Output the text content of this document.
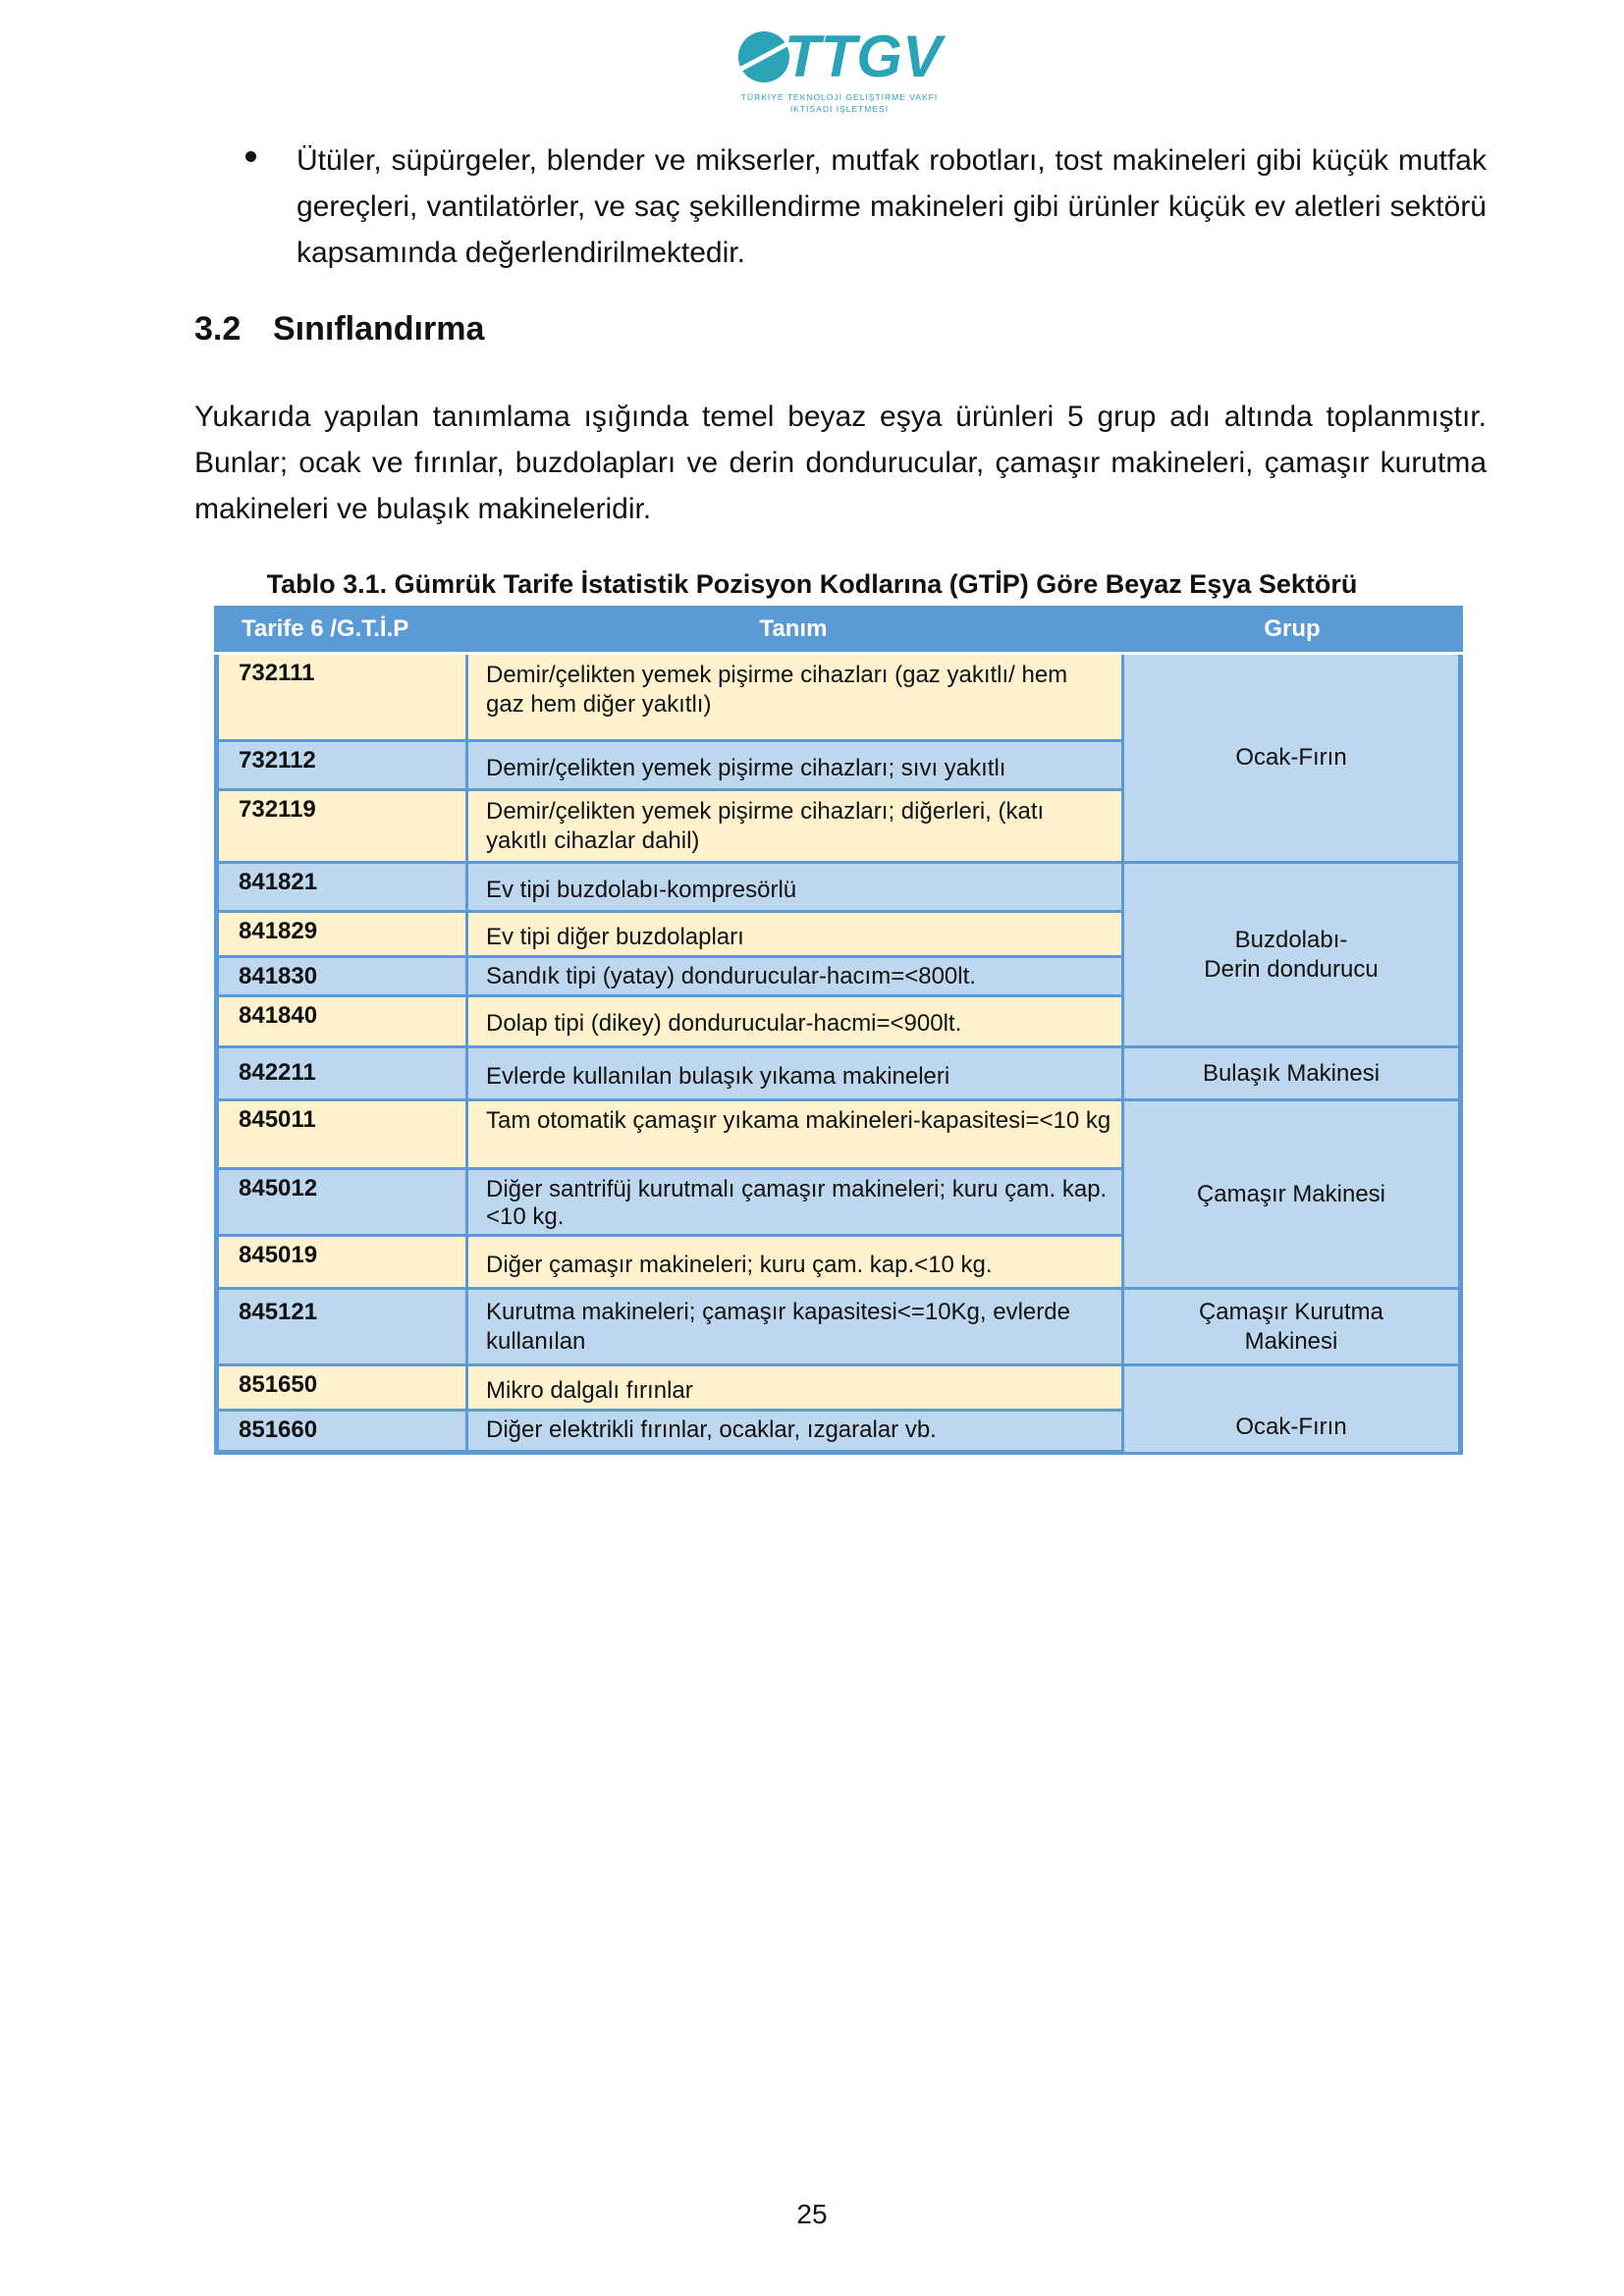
TTGV
TÜRKİYE TEKNOLOJİ GELİŞTİRME VAKFI
İKTİSADİ İŞLETMESİ

Ütüler, süpürgeler, blender ve mikserler, mutfak robotları, tost makineleri gibi küçük mutfak gereçleri, vantilatörler, ve saç şekillendirme makineleri gibi ürünler küçük ev aletleri sektörü kapsamında değerlendirilmektedir.

3.2 Sınıflandırma

Yukarıda yapılan tanımlama ışığında temel beyaz eşya ürünleri 5 grup adı altında toplanmıştır. Bunlar; ocak ve fırınlar, buzdolapları ve derin dondurucular, çamaşır makineleri, çamaşır kurutma makineleri ve bulaşık makineleridir.

Tablo 3.1. Gümrük Tarife İstatistik Pozisyon Kodlarına (GTİP) Göre Beyaz Eşya Sektörü
Tarife 6 /G.T.İ.P	Tanım	Grup
732111	Demir/çelikten yemek pişirme cihazları (gaz yakıtlı/ hem gaz hem diğer yakıtlı)	Ocak-Fırın
732112	Demir/çelikten yemek pişirme cihazları; sıvı yakıtlı	
732119	Demir/çelikten yemek pişirme cihazları; diğerleri, (katı yakıtlı cihazlar dahil)	
841821	Ev tipi buzdolabı-kompresörlü	Buzdolabı-
Derin dondurucu

841829	Ev tipi diğer buzdolapları	
841830	Sandık tipi (yatay) dondurucular-hacım=<800lt.	
841840	Dolap tipi (dikey) dondurucular-hacmi=<900lt.	
842211	Evlerde kullanılan bulaşık yıkama makineleri	Bulaşık Makinesi
845011	Tam otomatik çamaşır yıkama makineleri-kapasitesi=<10 kg	Çamaşır Makinesi
845012	Diğer santrifüj kurutmalı çamaşır makineleri; kuru çam. kap.<10 kg.	
845019	Diğer çamaşır makineleri; kuru çam. kap.<10 kg.	
845121	Kurutma makineleri; çamaşır kapasitesi<=10Kg, evlerde kullanılan	Çamaşır Kurutma
Makinesi

851650	Mikro dalgalı fırınlar	Ocak-Fırın
851660	Diğer elektrikli fırınlar, ocaklar, ızgaralar vb.	
25
